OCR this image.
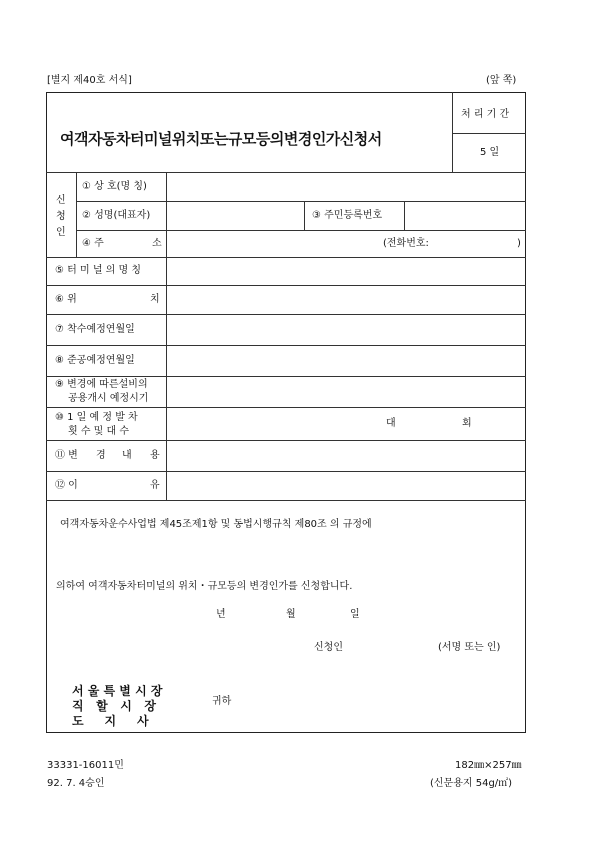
[별지 제40호 서식]	(앞 쪽)
여객자동차터미널위치또는규모등의변경인가신청서
처 리 기 간
5 일
신
청
인
① 상 호(명 칭)
② 성명(대표자)	③ 주민등록번호
④ 주	소	(전화번호:	)
⑤ 터 미 널 의 명 칭
⑥ 위	치
⑦ 착수예정연월일
⑧ 준공예정연월일
⑨ 변경에 따른설비의
공용개시 예정시기
⑩ 1 일 예 정 발 차
횟 수 및 대 수
대	회
⑪ 변 경 내 용
⑫ 이	유
여객자동차운수사업법 제45조제1항 및 동법시행규칙 제80조 의 규정에
의하여 여객자동차터미널의 위치・규모등의 변경인가를 신청합니다.
년	월	일
신청인	(서명 또는 인)
서 울 특 별 시 장
직   할   시   장
도     지     사
귀하
33331-16011민	182㎜×257㎜
92. 7. 4승인	(신문용지 54g/㎡)
